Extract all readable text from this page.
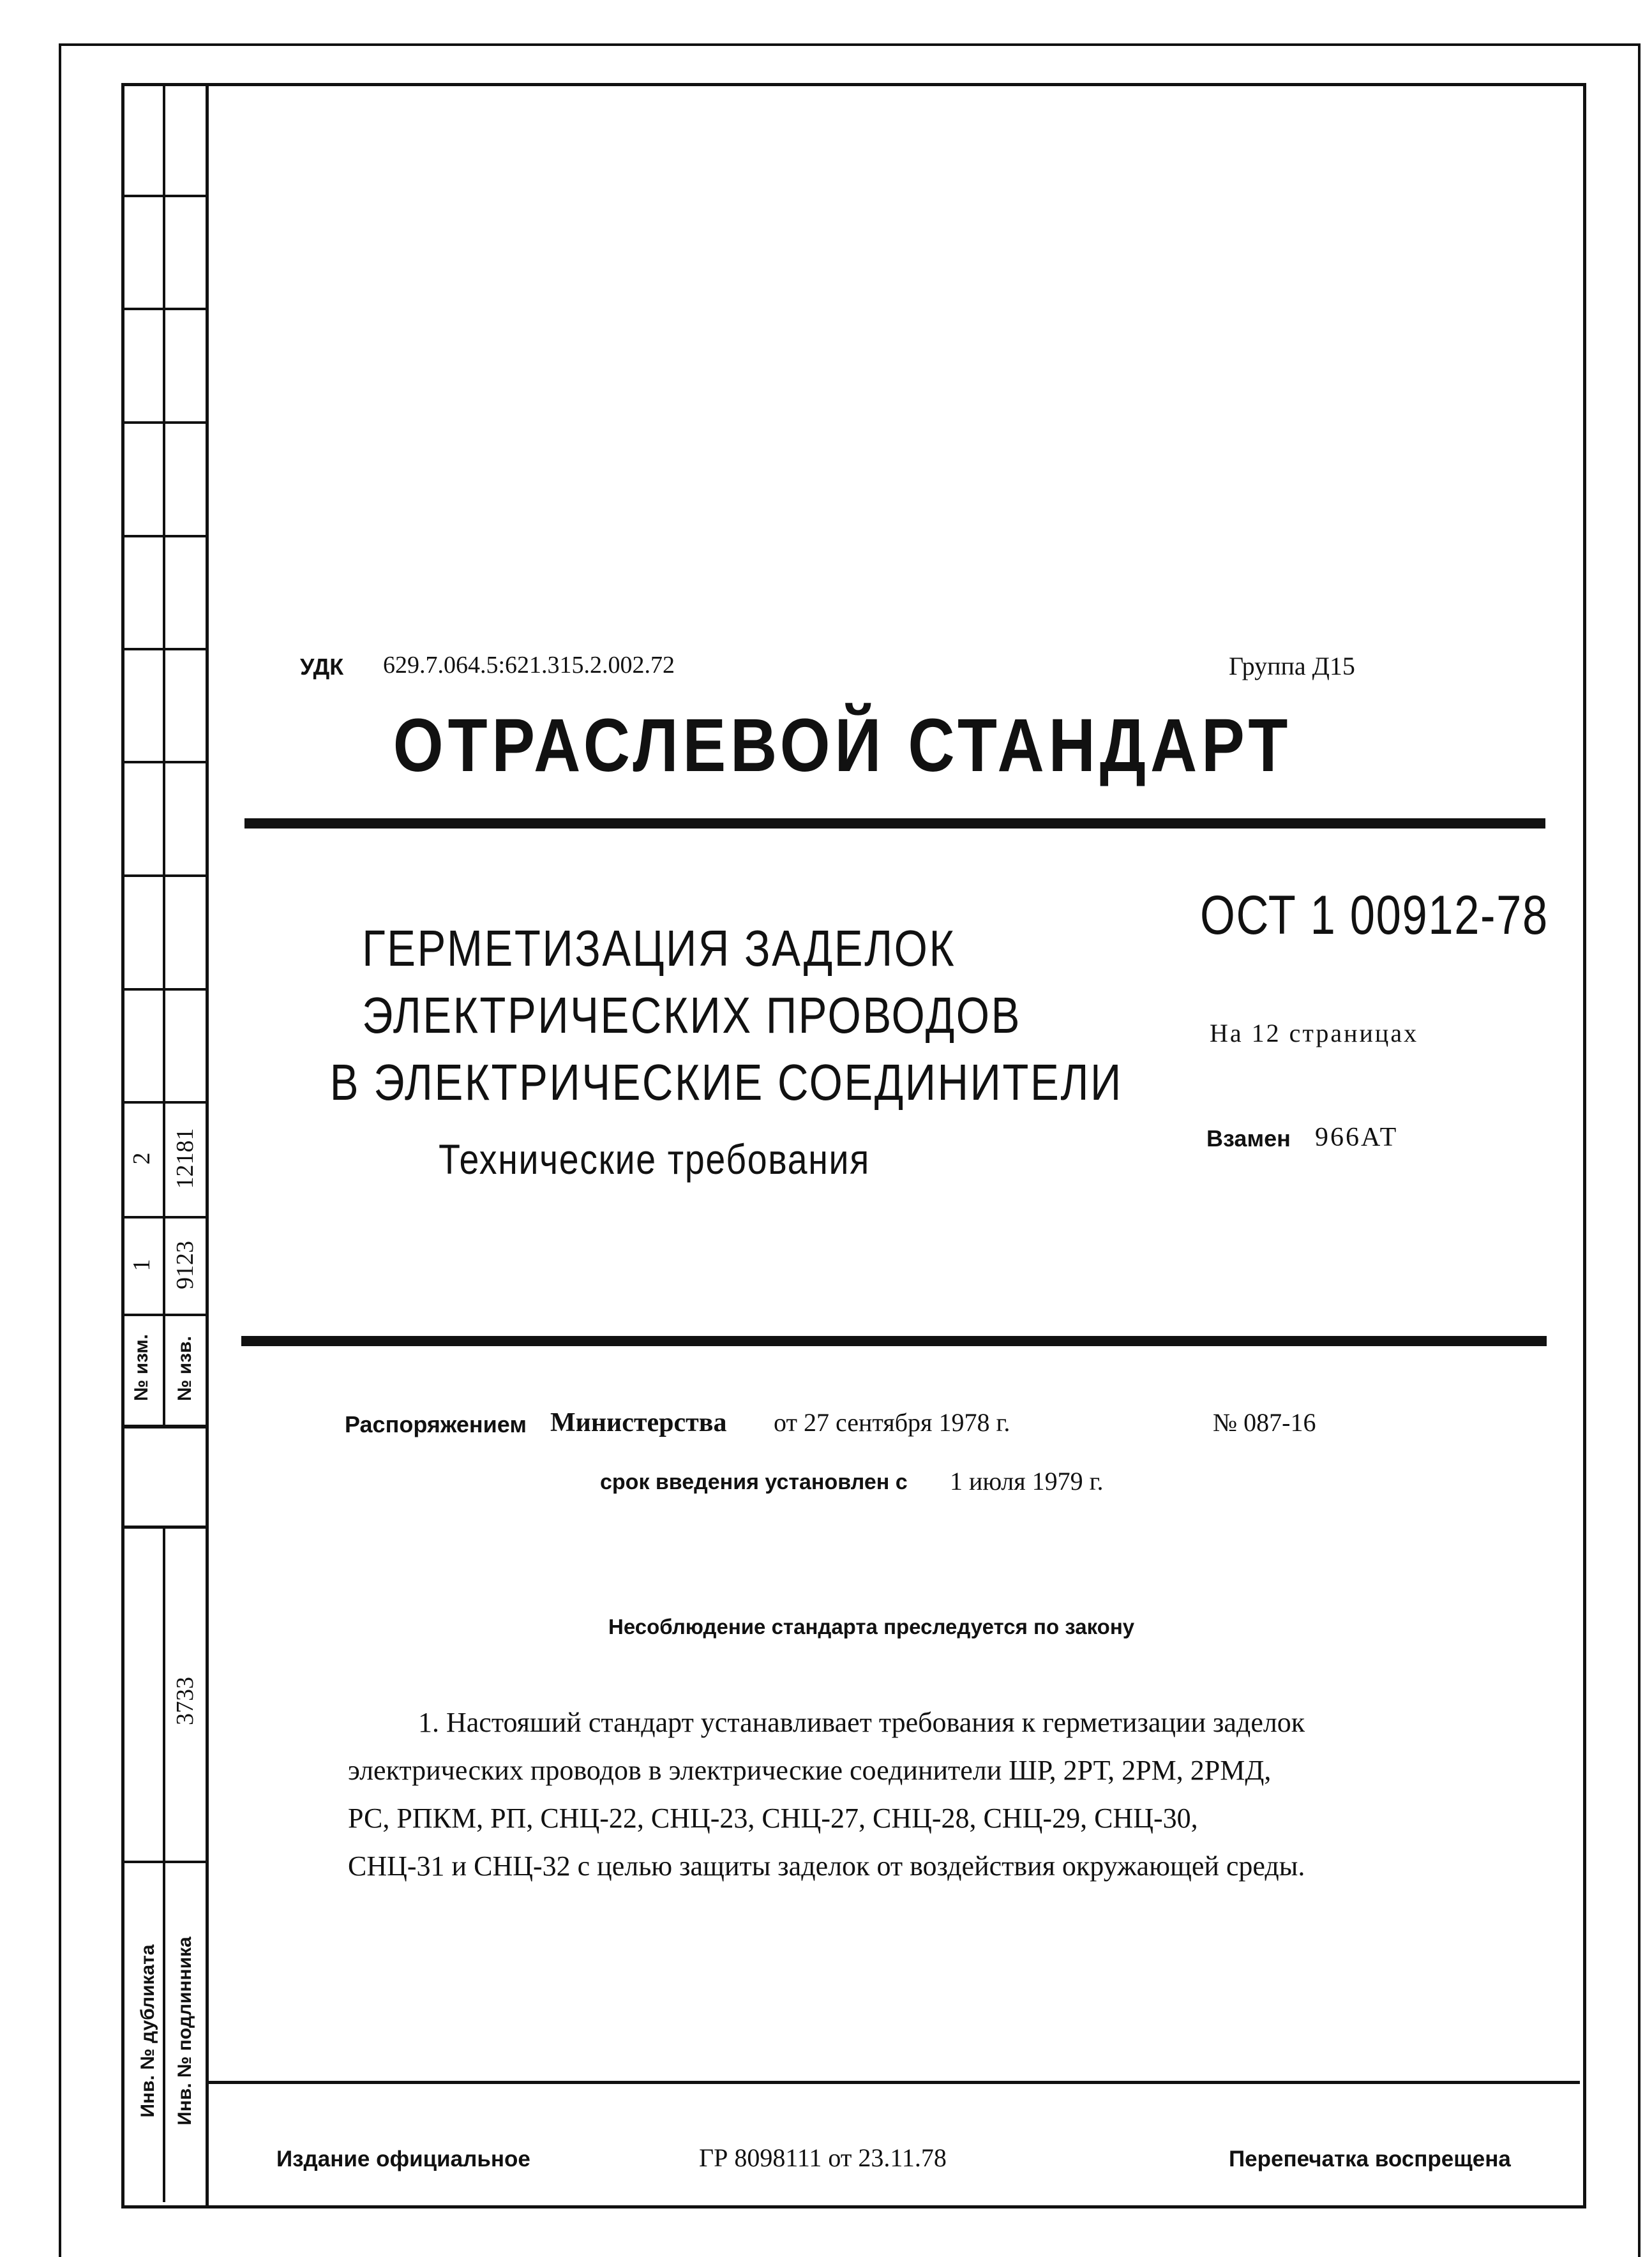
№ изм. № изв.
1 9123
2 12181
3733
Инв. № дубликата Инв. № подлинника
УДК 629.7.064.5:621.315.2.002.72	Группа Д15
ОТРАСЛЕВОЙ СТАНДАРТ
ГЕРМЕТИЗАЦИЯ ЗАДЕЛОК
ЭЛЕКТРИЧЕСКИХ ПРОВОДОВ
В ЭЛЕКТРИЧЕСКИЕ СОЕДИНИТЕЛИ
Технические требования
ОСТ 1 00912-78
На 12 страницах
Взамен 966АТ
Распоряжением Министерства от 27 сентября 1978 г.	№ 087-16
срок введения установлен с 1 июля 1979 г.
Несоблюдение стандарта преследуется по закону
1. Настояший стандарт устанавливает требования к герметизации заделок
электрических проводов в электрические соединители ШР, 2РТ, 2РМ, 2РМД,
РС, РПКМ, РП, СНЦ-22, СНЦ-23, СНЦ-27, СНЦ-28, СНЦ-29, СНЦ-30,
СНЦ-31 и СНЦ-32 с целью защиты заделок от воздействия окружающей среды.
Издание официальное	ГР 8098111 от 23.11.78	Перепечатка воспрещена
